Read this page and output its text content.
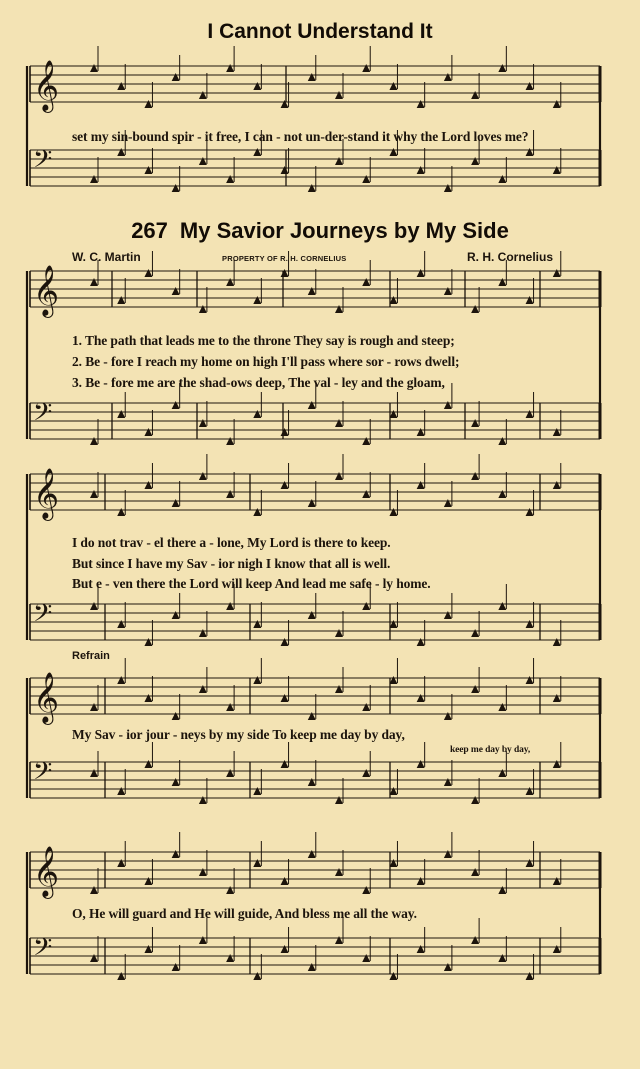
I Cannot Understand It
267 My Savior Journeys by My Side
W. C. Martin	PROPERTY OF R. H. CORNELIUS	R. H. Cornelius
Refrain
𝄞
𝄢
𝄞
𝄢
𝄞
𝄢
𝄞
𝄢
𝄞
𝄢
set my sin-bound spir - it free, I can - not un-der-stand it why the Lord loves me?
1. The path that leads me to the throne They say is rough and steep;
2. Be - fore I reach my home on high I'll pass where sor - rows dwell;
3. Be - fore me are the shad-ows deep, The val - ley and the gloam,
I do not trav - el there a - lone, My Lord is there to keep.
But since I have my Sav - ior nigh I know that all is well.
But e - ven there the Lord will keep And lead me safe - ly home.
My Sav - ior jour - neys by my side To keep me day by day,
keep me day by day,
O, He will guard and He will guide, And bless me all the way.
